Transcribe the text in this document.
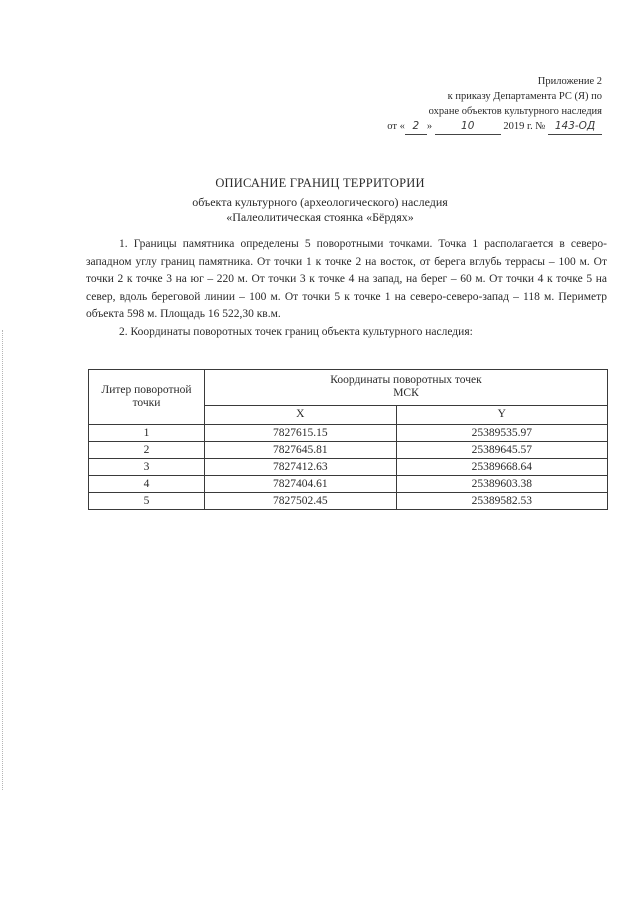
Приложение 2
к приказу Департамента РС (Я) по
охране объектов культурного наследия
от « 2 »	10	2019 г. № 143-ОД
ОПИСАНИЕ ГРАНИЦ ТЕРРИТОРИИ
объекта культурного (археологического) наследия
«Палеолитическая стоянка «Бёрдях»

1. Границы памятника определены 5 поворотными точками. Точка 1 располагается в северо-западном углу границ памятника. От точки 1 к точке 2 на восток, от берега вглубь террасы – 100 м. От точки 2 к точке 3 на юг – 220 м. От точки 3 к точке 4 на запад, на берег – 60 м. От точки 4 к точке 5 на север, вдоль береговой линии – 100 м. От точки 5 к точке 1 на северо-северо-запад – 118 м. Периметр объекта 598 м. Площадь 16 522,30 кв.м.

2. Координаты поворотных точек границ объекта культурного наследия:

Литер поворотной точки	Координаты поворотных точек
МСК	

	X	Y
1	7827615.15	25389535.97
2	7827645.81	25389645.57
3	7827412.63	25389668.64
4	7827404.61	25389603.38
5	7827502.45	25389582.53
